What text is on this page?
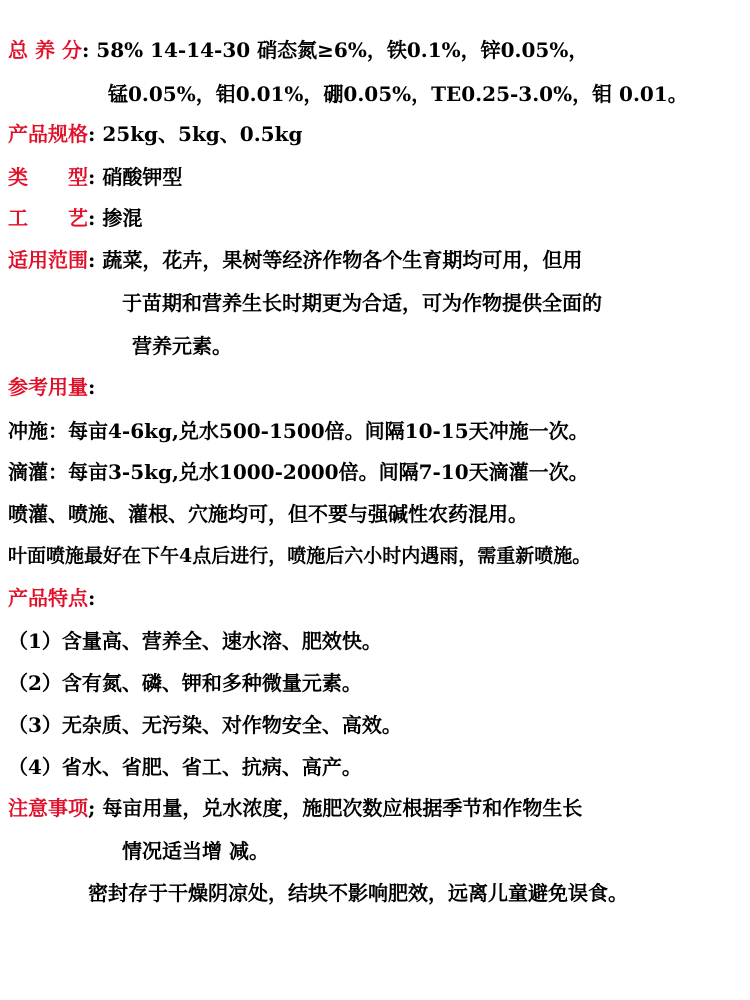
总 养 分: 58% 14-14-30 硝态氮≥6%，铁0.1%，锌0.05%，
锰0.05%，钼0.01%，硼0.05%，TE0.25-3.0%，钼 0.01。
产品规格: 25kg、5kg、0.5kg
类　　型: 硝酸钾型
工　　艺: 掺混
适用范围: 蔬菜，花卉，果树等经济作物各个生育期均可用，但用
于苗期和营养生长时期更为合适，可为作物提供全面的
营养元素。
参考用量:
冲施：每亩4-6kg,兑水500-1500倍。间隔10-15天冲施一次。
滴灌：每亩3-5kg,兑水1000-2000倍。间隔7-10天滴灌一次。
喷灌、喷施、灌根、穴施均可，但不要与强碱性农药混用。
叶面喷施最好在下午4点后进行，喷施后六小时内遇雨，需重新喷施。
产品特点:
（1）含量高、营养全、速水溶、肥效快。
（2）含有氮、磷、钾和多种微量元素。
（3）无杂质、无污染、对作物安全、高效。
（4）省水、省肥、省工、抗病、高产。
注意事项; 每亩用量，兑水浓度，施肥次数应根据季节和作物生长
情况适当增 减。
密封存于干燥阴凉处，结块不影响肥效，远离儿童避免误食。
